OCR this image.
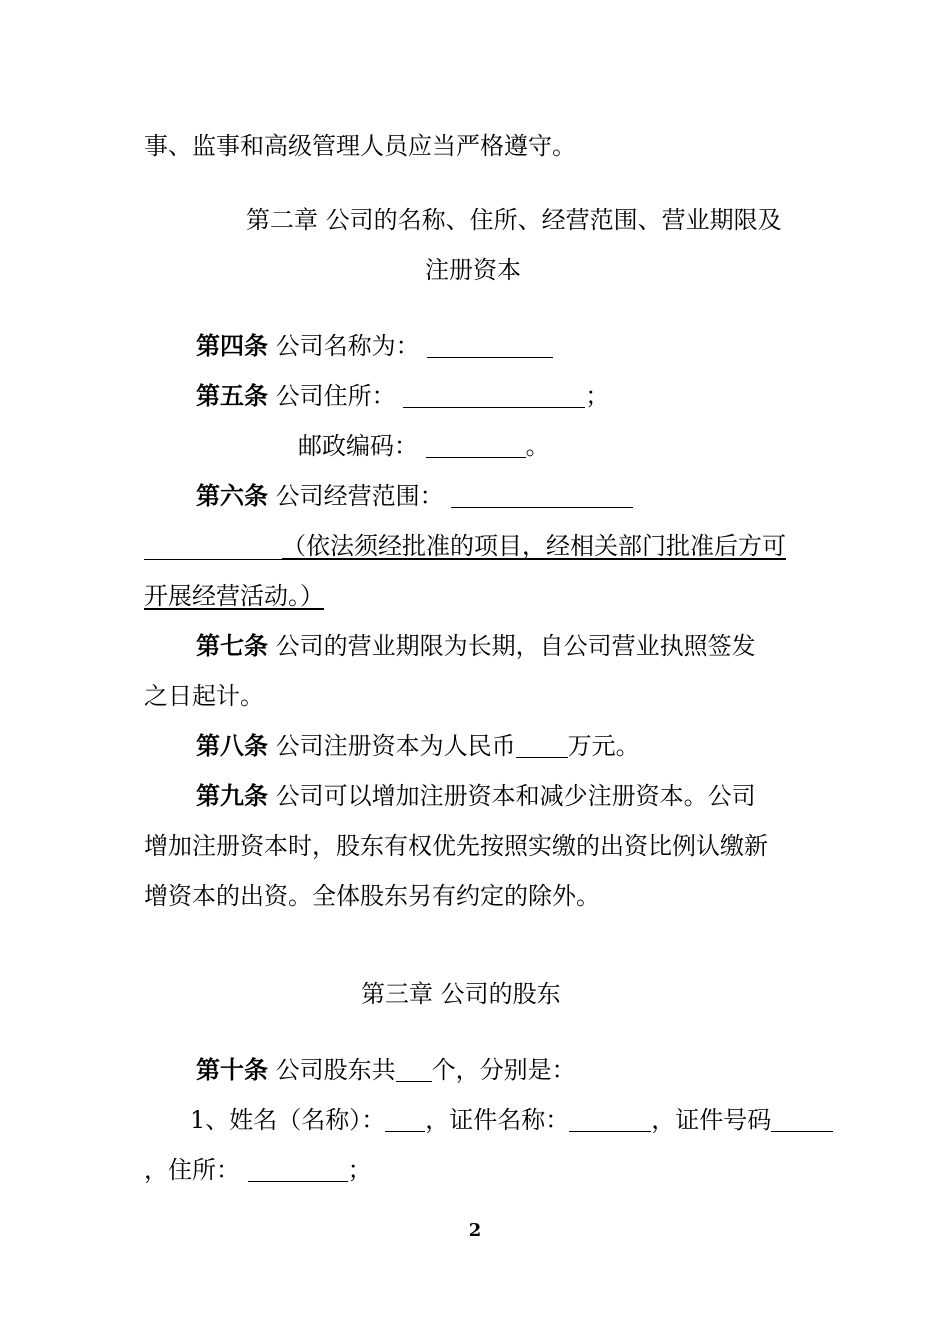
事、监事和高级管理人员应当严格遵守。
第二章 公司的名称、住所、经营范围、营业期限及
注册资本
第四条 公司名称为：
第五条 公司住所：	；
邮政编码：	。
第六条 公司经营范围：
（依法须经批准的项目，经相关部门批准后方可
开展经营活动。）
第七条 公司的营业期限为长期，自公司营业执照签发
之日起计。
第八条 公司注册资本为人民币 万元。
第九条 公司可以增加注册资本和减少注册资本。公司
增加注册资本时，股东有权优先按照实缴的出资比例认缴新
增资本的出资。全体股东另有约定的除外。
第三章 公司的股东
第十条 公司股东共 个，分别是：
1、姓名（名称）： ，证件名称：	，证件号码
，住所：	；
2
